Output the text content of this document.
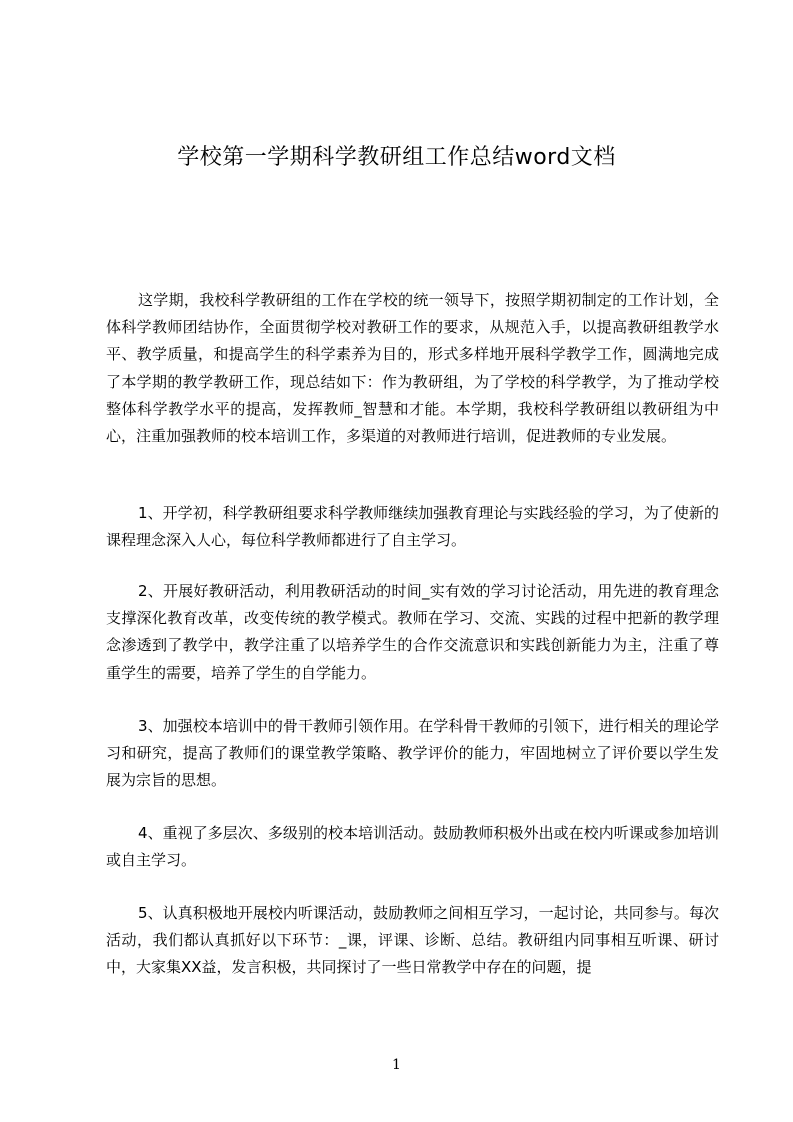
学校第一学期科学教研组工作总结word文档

这学期，我校科学教研组的工作在学校的统一领导下，按照学期初制定的工作计划，全体科学教师团结协作，全面贯彻学校对教研工作的要求，从规范入手，以提高教研组教学水平、教学质量，和提高学生的科学素养为目的，形式多样地开展科学教学工作，圆满地完成了本学期的教学教研工作，现总结如下：作为教研组，为了学校的科学教学，为了推动学校整体科学教学水平的提高，发挥教师_智慧和才能。本学期，我校科学教研组以教研组为中心，注重加强教师的校本培训工作，多渠道的对教师进行培训，促进教师的专业发展。

1、开学初，科学教研组要求科学教师继续加强教育理论与实践经验的学习，为了使新的课程理念深入人心，每位科学教师都进行了自主学习。

2、开展好教研活动，利用教研活动的时间_实有效的学习讨论活动，用先进的教育理念支撑深化教育改革，改变传统的教学模式。教师在学习、交流、实践的过程中把新的教学理念渗透到了教学中，教学注重了以培养学生的合作交流意识和实践创新能力为主，注重了尊重学生的需要，培养了学生的自学能力。

3、加强校本培训中的骨干教师引领作用。在学科骨干教师的引领下，进行相关的理论学习和研究，提高了教师们的课堂教学策略、教学评价的能力，牢固地树立了评价要以学生发展为宗旨的思想。

4、重视了多层次、多级别的校本培训活动。鼓励教师积极外出或在校内听课或参加培训或自主学习。

5、认真积极地开展校内听课活动，鼓励教师之间相互学习，一起讨论，共同参与。每次活动，我们都认真抓好以下环节：_课，评课、诊断、总结。教研组内同事相互听课、研讨中，大家集XX益，发言积极，共同探讨了一些日常教学中存在的问题，提

1
